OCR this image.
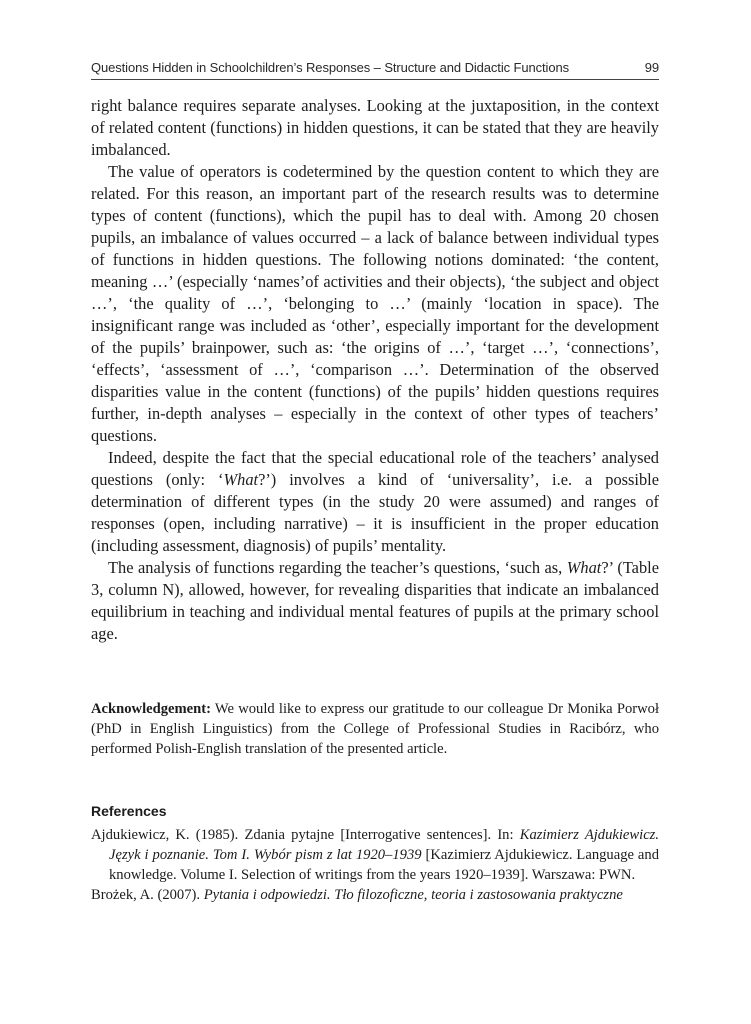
Questions Hidden in Schoolchildren’s Responses – Structure and Didactic Functions	99

right balance requires separate analyses. Looking at the juxtaposition, in the context of related content (functions) in hidden questions, it can be stated that they are heavily imbalanced.

The value of operators is codetermined by the question content to which they are related. For this reason, an important part of the research results was to determine types of content (functions), which the pupil has to deal with. Among 20 chosen pupils, an imbalance of values occurred – a lack of balance between individual types of functions in hidden questions. The following notions dominated: ‘the content, meaning …’ (especially ‘names’of activities and their objects), ‘the subject and object …’, ‘the quality of …’, ‘belonging to …’ (mainly ‘location in space). The insignificant range was included as ‘other’, especially important for the development of the pupils’ brainpower, such as: ‘the origins of …’, ‘target …’, ‘connections’, ‘effects’, ‘assessment of …’, ‘comparison …’. Determination of the observed disparities value in the content (functions) of the pupils’ hidden questions requires further, in-depth analyses – especially in the context of other types of teachers’ questions.

Indeed, despite the fact that the special educational role of the teachers’ analysed questions (only: ‘What?’) involves a kind of ‘universality’, i.e. a possible determination of different types (in the study 20 were assumed) and ranges of responses (open, including narrative) – it is insufficient in the proper education (including assessment, diagnosis) of pupils’ mentality.

The analysis of functions regarding the teacher’s questions, ‘such as, What?’ (Table 3, column N), allowed, however, for revealing disparities that indicate an imbalanced equilibrium in teaching and individual mental features of pupils at the primary school age.

Acknowledgement: We would like to express our gratitude to our colleague Dr Monika Porwoł (PhD in English Linguistics) from the College of Professional Studies in Racibórz, who performed Polish-English translation of the presented article.
References
Ajdukiewicz, K. (1985). Zdania pytajne [Interrogative sentences]. In: Kazimierz Ajdukiewicz. Język i poznanie. Tom I. Wybór pism z lat 1920–1939 [Kazimierz Ajdukiewicz. Language and knowledge. Volume I. Selection of writings from the years 1920–1939]. Warszawa: PWN.
Brożek, A. (2007). Pytania i odpowiedzi. Tło filozoficzne, teoria i zastosowania praktyczne
